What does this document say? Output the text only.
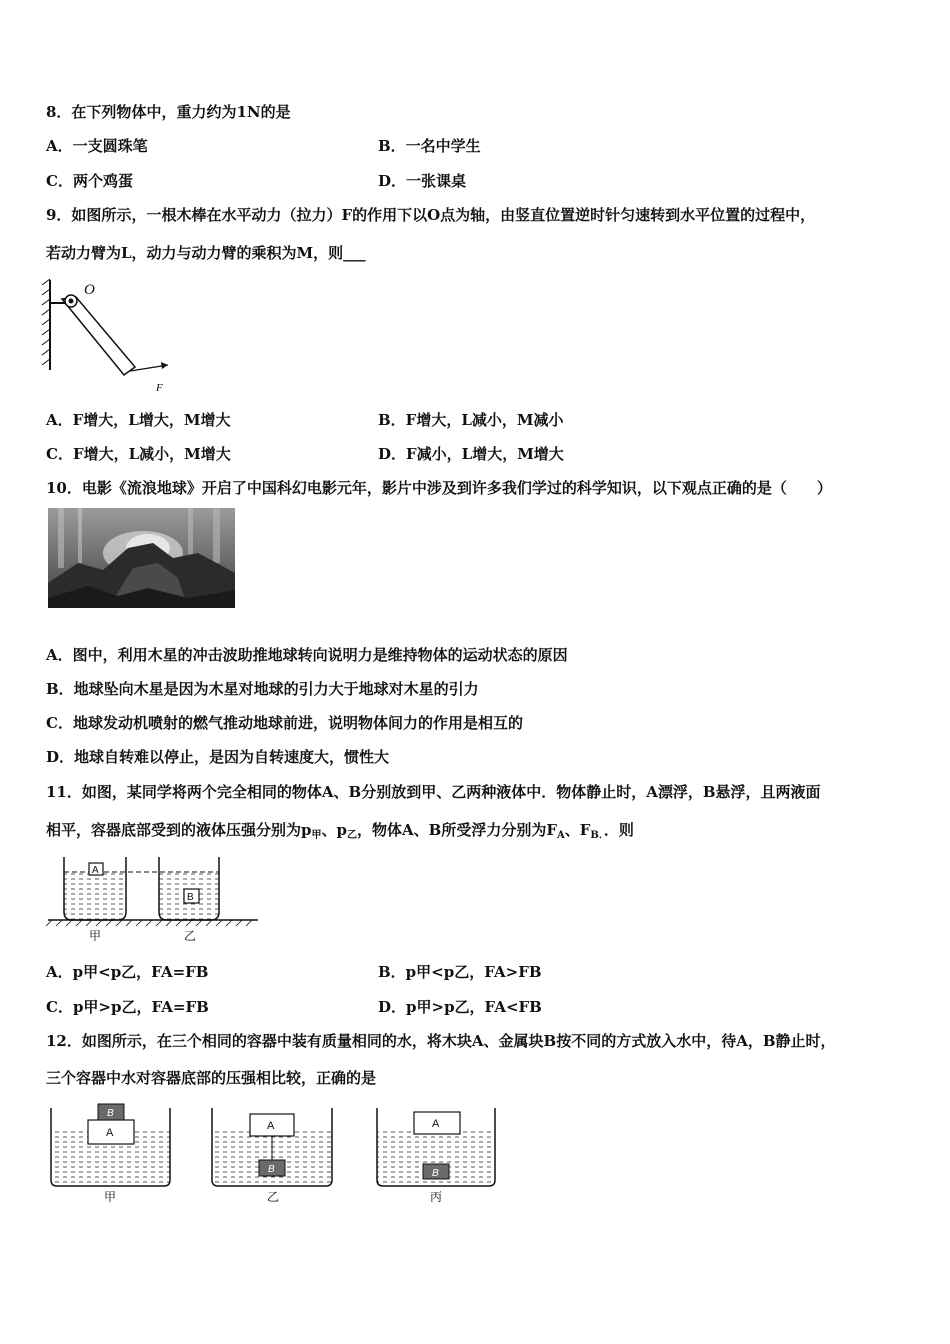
8．在下列物体中，重力约为1N的是
A．一支圆珠笔	B．一名中学生
C．两个鸡蛋	D．一张课桌
9．如图所示，一根木棒在水平动力（拉力）F的作用下以O点为轴，由竖直位置逆时针匀速转到水平位置的过程中，
若动力臂为L，动力与动力臂的乘积为M，则___
O
F
A．F增大，L增大，M增大	B．F增大，L减小，M减小
C．F增大，L减小，M增大	D．F减小，L增大，M增大
10．电影《流浪地球》开启了中国科幻电影元年，影片中涉及到许多我们学过的科学知识，以下观点正确的是（　　）
A．图中，利用木星的冲击波助推地球转向说明力是维持物体的运动状态的原因
B．地球坠向木星是因为木星对地球的引力大于地球对木星的引力
C．地球发动机喷射的燃气推动地球前进，说明物体间力的作用是相互的
D．地球自转难以停止，是因为自转速度大，惯性大
11．如图，某同学将两个完全相同的物体A、B分别放到甲、乙两种液体中．物体静止时，A漂浮，B悬浮，且两液面
相平，容器底部受到的液体压强分别为$p_甲$、$p_乙$，物体A、B所受浮力分别为$F_A$、$F_{B.}$．则
A
B
甲	乙
A．p甲<p乙，FA=FB	B．p甲<p乙，FA>FB
C．p甲>p乙，FA=FB	D．p甲>p乙，FA<FB
12．如图所示，在三个相同的容器中装有质量相同的水，将木块A、金属块B按不同的方式放入水中，待A，B静止时，
三个容器中水对容器底部的压强相比较，正确的是
A
B
甲
A
B
乙
A
B
丙
